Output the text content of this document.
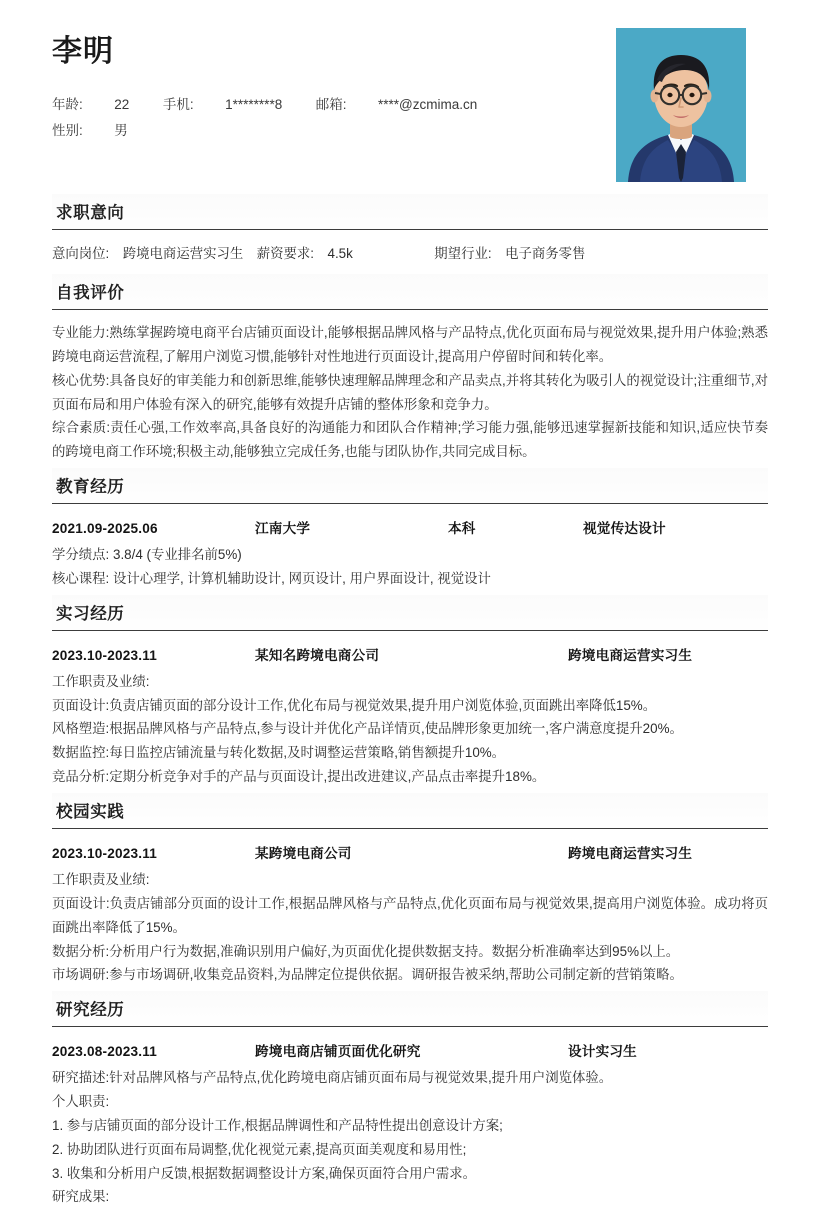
李明
年龄: 22 手机: 1********8 邮箱: ****@zcmima.cn
性别: 男
求职意向
意向岗位: 跨境电商运营实习生 薪资要求: 4.5k	期望行业: 电子商务零售
自我评价

专业能力:熟练掌握跨境电商平台店铺页面设计,能够根据品牌风格与产品特点,优化页面布局与视觉效果,提升用户体验;熟悉跨境电商运营流程,了解用户浏览习惯,能够针对性地进行页面设计,提高用户停留时间和转化率。

核心优势:具备良好的审美能力和创新思维,能够快速理解品牌理念和产品卖点,并将其转化为吸引人的视觉设计;注重细节,对页面布局和用户体验有深入的研究,能够有效提升店铺的整体形象和竞争力。

综合素质:责任心强,工作效率高,具备良好的沟通能力和团队合作精神;学习能力强,能够迅速掌握新技能和知识,适应快节奏的跨境电商工作环境;积极主动,能够独立完成任务,也能与团队协作,共同完成目标。

教育经历
2021.09-2025.06	江南大学	本科	视觉传达设计
学分绩点: 3.8/4 (专业排名前5%)
核心课程: 设计心理学, 计算机辅助设计, 网页设计, 用户界面设计, 视觉设计
实习经历
2023.10-2023.11	某知名跨境电商公司	跨境电商运营实习生
工作职责及业绩:
页面设计:负责店铺页面的部分设计工作,优化布局与视觉效果,提升用户浏览体验,页面跳出率降低15%。
风格塑造:根据品牌风格与产品特点,参与设计并优化产品详情页,使品牌形象更加统一,客户满意度提升20%。
数据监控:每日监控店铺流量与转化数据,及时调整运营策略,销售额提升10%。
竞品分析:定期分析竞争对手的产品与页面设计,提出改进建议,产品点击率提升18%。
校园实践
2023.10-2023.11	某跨境电商公司	跨境电商运营实习生
工作职责及业绩:
页面设计:负责店铺部分页面的设计工作,根据品牌风格与产品特点,优化页面布局与视觉效果,提高用户浏览体验。成功将页面跳出率降低了15%。
数据分析:分析用户行为数据,准确识别用户偏好,为页面优化提供数据支持。数据分析准确率达到95%以上。
市场调研:参与市场调研,收集竞品资料,为品牌定位提供依据。调研报告被采纳,帮助公司制定新的营销策略。
研究经历
2023.08-2023.11	跨境电商店铺页面优化研究	设计实习生
研究描述:针对品牌风格与产品特点,优化跨境电商店铺页面布局与视觉效果,提升用户浏览体验。
个人职责:
1. 参与店铺页面的部分设计工作,根据品牌调性和产品特性提出创意设计方案;
2. 协助团队进行页面布局调整,优化视觉元素,提高页面美观度和易用性;
3. 收集和分析用户反馈,根据数据调整设计方案,确保页面符合用户需求。
研究成果:
